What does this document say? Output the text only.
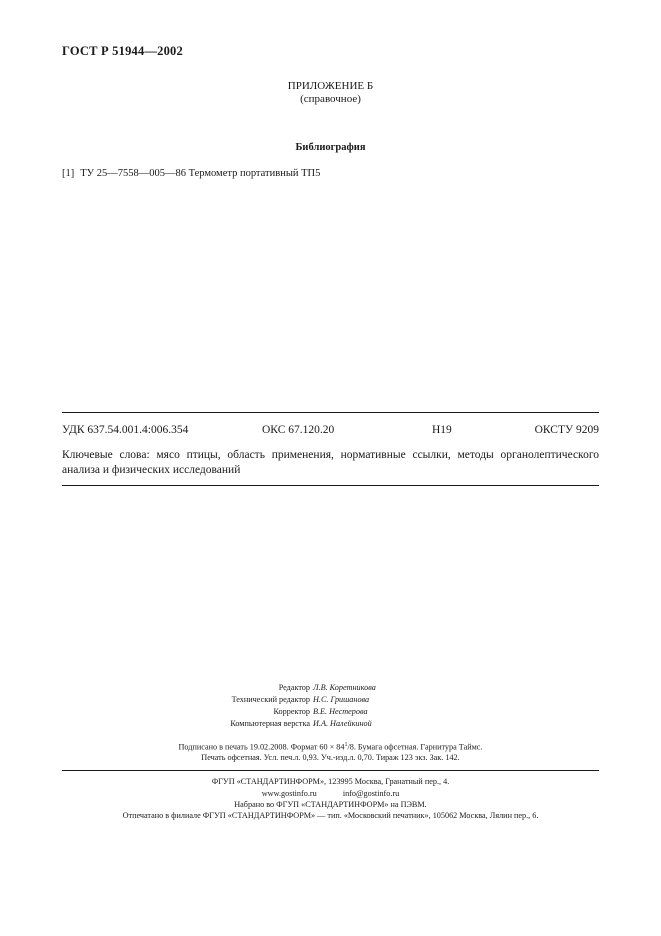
ГОСТ Р 51944—2002
ПРИЛОЖЕНИЕ Б
(справочное)
Библиография
[1] ТУ 25—7558—005—86 Термометр портативный ТП5
УДК 637.54.001.4:006.354	ОКС 67.120.20	Н19	ОКСТУ 9209
Ключевые слова: мясо птицы, область применения, нормативные ссылки, методы органолептического анализа и физических исследований
Редактор Л.В. Коретникова
Технический редактор Н.С. Гришанова
Корректор В.Е. Нестерова
Компьютерная верстка И.А. Налейкиной
Подписано в печать 19.02.2008. Формат $60 \times 84^1/8$. Бумага офсетная. Гарнитура Таймс.
Печать офсетная. Усл. печ.л. 0,93. Уч.-изд.л. 0,70. Тираж 123 экз. Зак. 142.
ФГУП «СТАНДАРТИНФОРМ», 123995 Москва, Гранатный пер., 4.
www.gostinfo.ru	info@gostinfo.ru
Набрано во ФГУП «СТАНДАРТИНФОРМ» на ПЭВМ.
Отпечатано в филиале ФГУП «СТАНДАРТИНФОРМ» — тип. «Московский печатник», 105062 Москва, Лялин пер., 6.
